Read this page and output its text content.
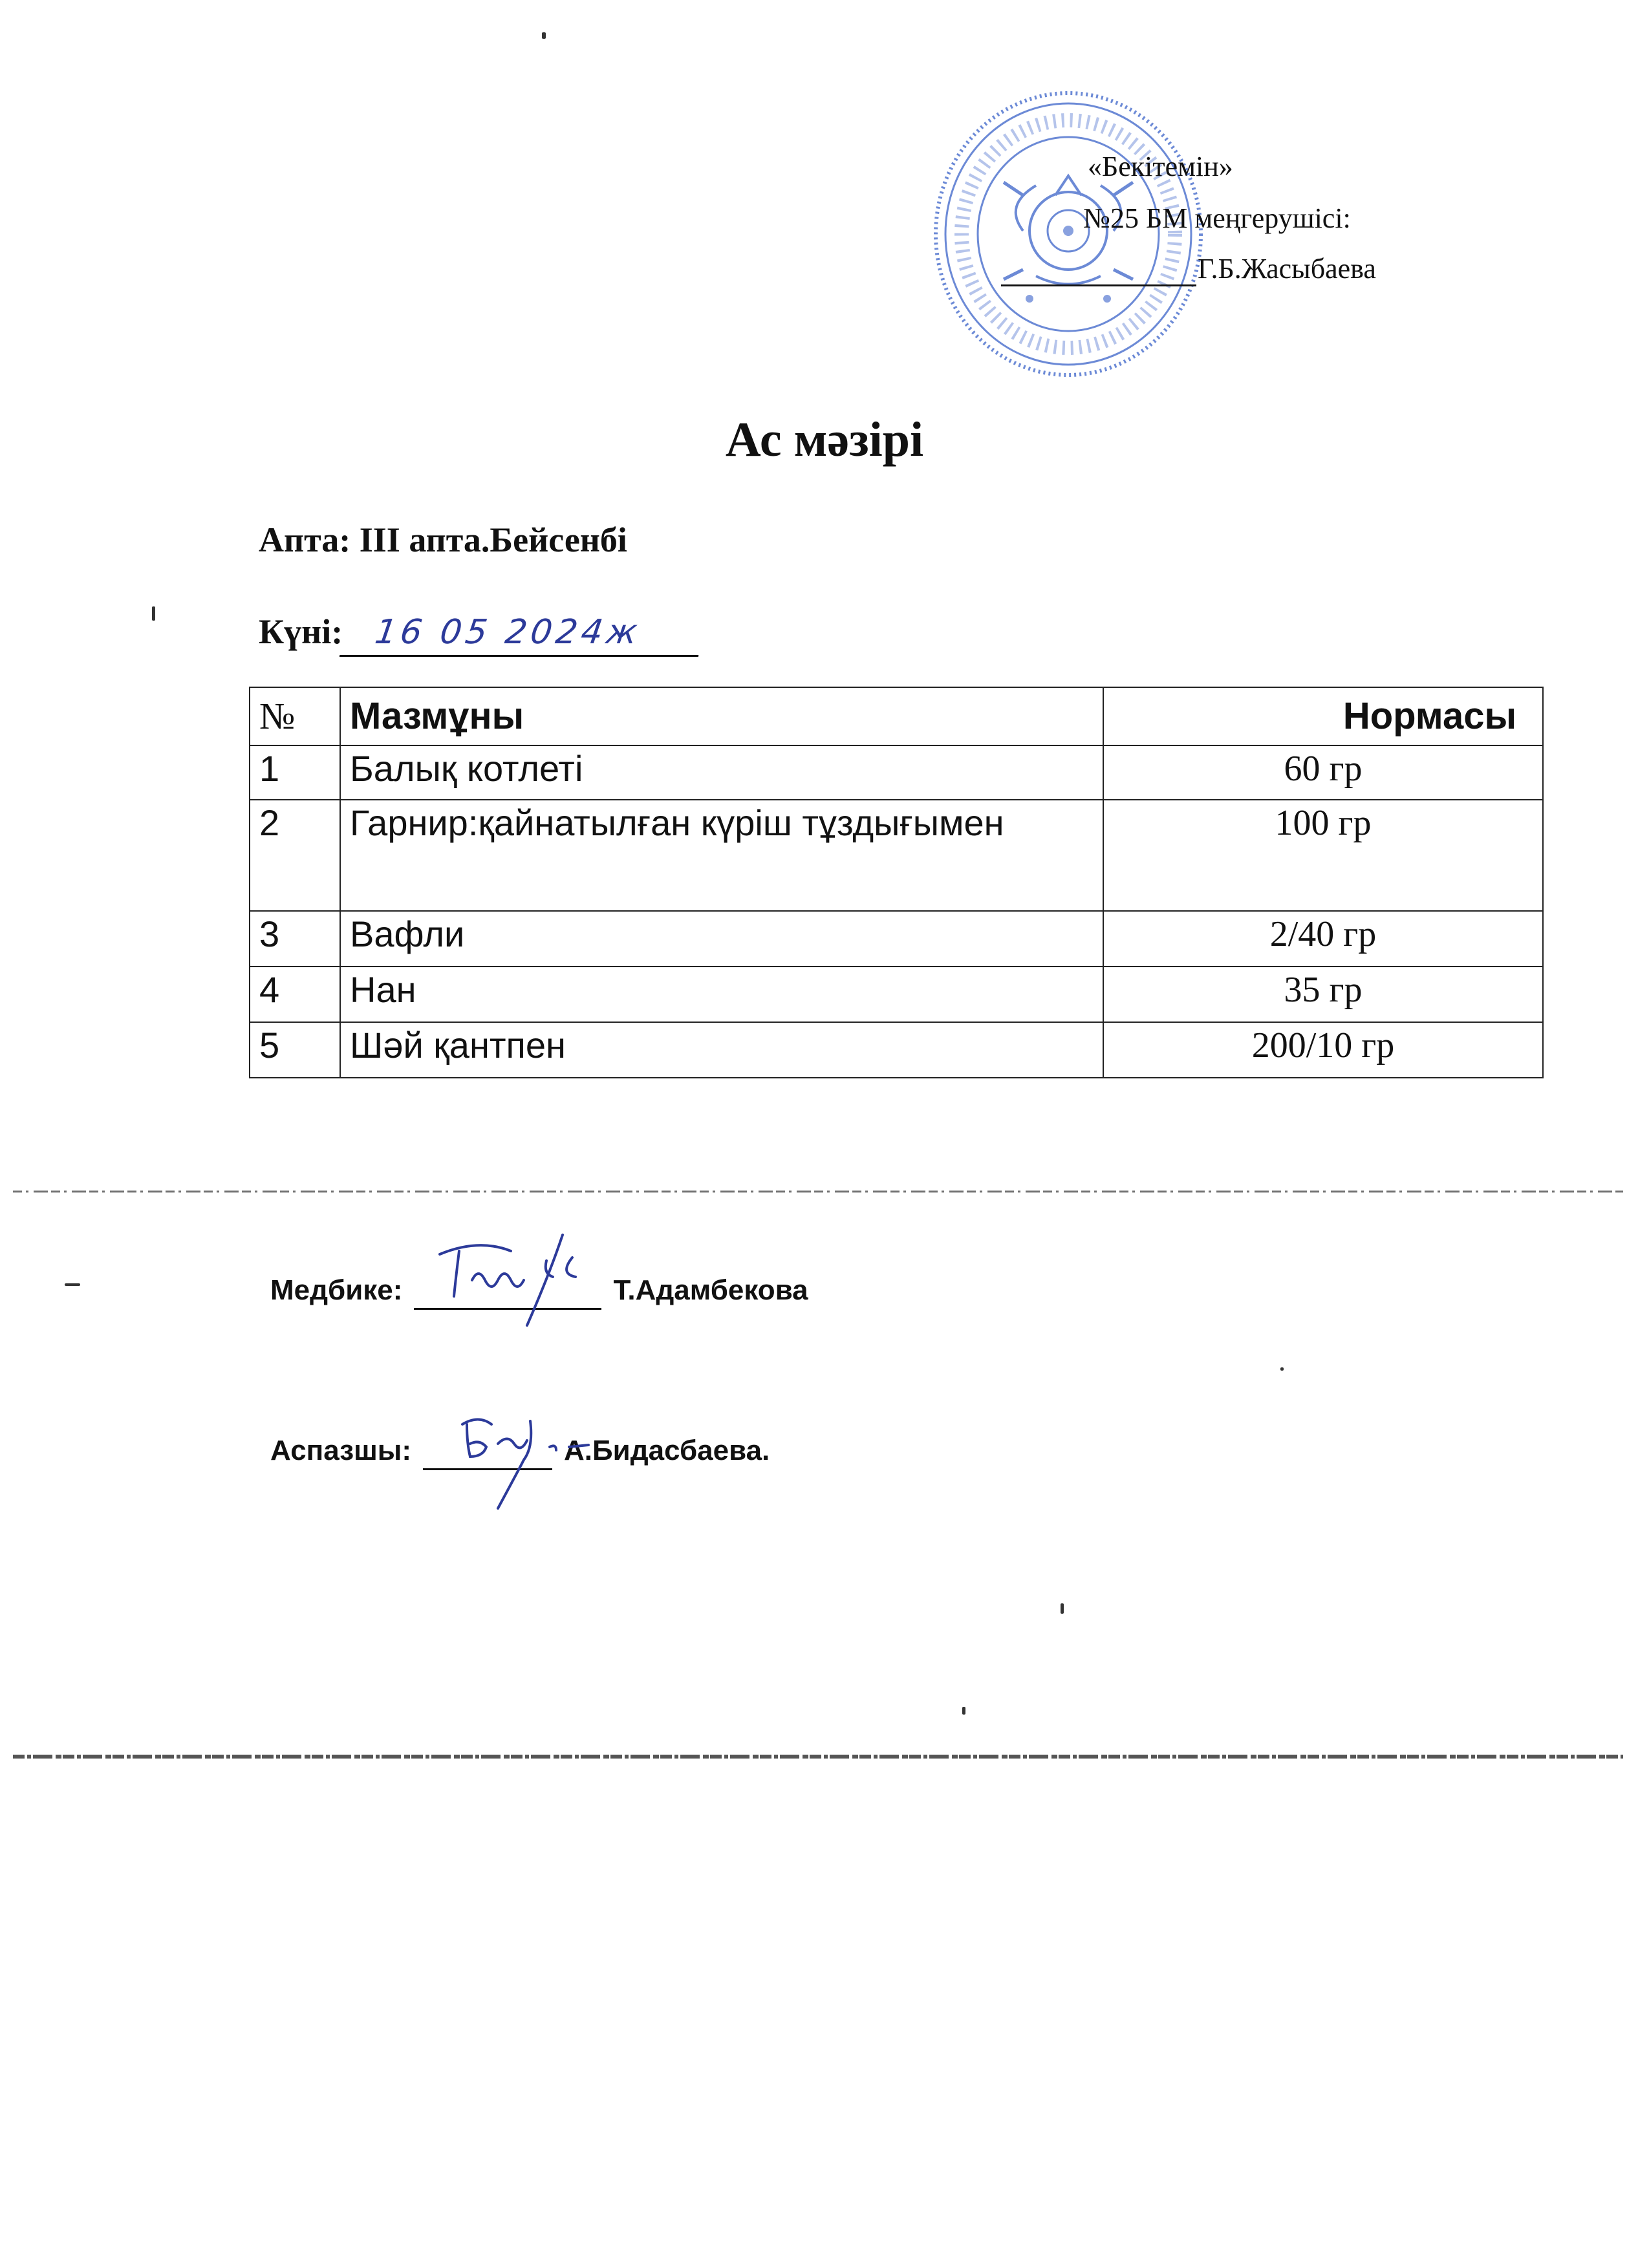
«Бекітемін»
№25 БМ меңгерушісі:
Г.Б.Жасыбаева
Ас мәзірі
Апта: ІІІ апта.Бейсенбі
Күні: 16 05 2024ж
№	Мазмұны	Нормасы
1	Балық котлеті	60 гр
2	Гарнир:қайнатылған күріш тұздығымен	100 гр
3	Вафли	2/40 гр
4	Нан	35 гр
5	Шәй қантпен	200/10 гр
Медбике:	Т.Адамбекова
Аспазшы:	А.Бидасбаева.
